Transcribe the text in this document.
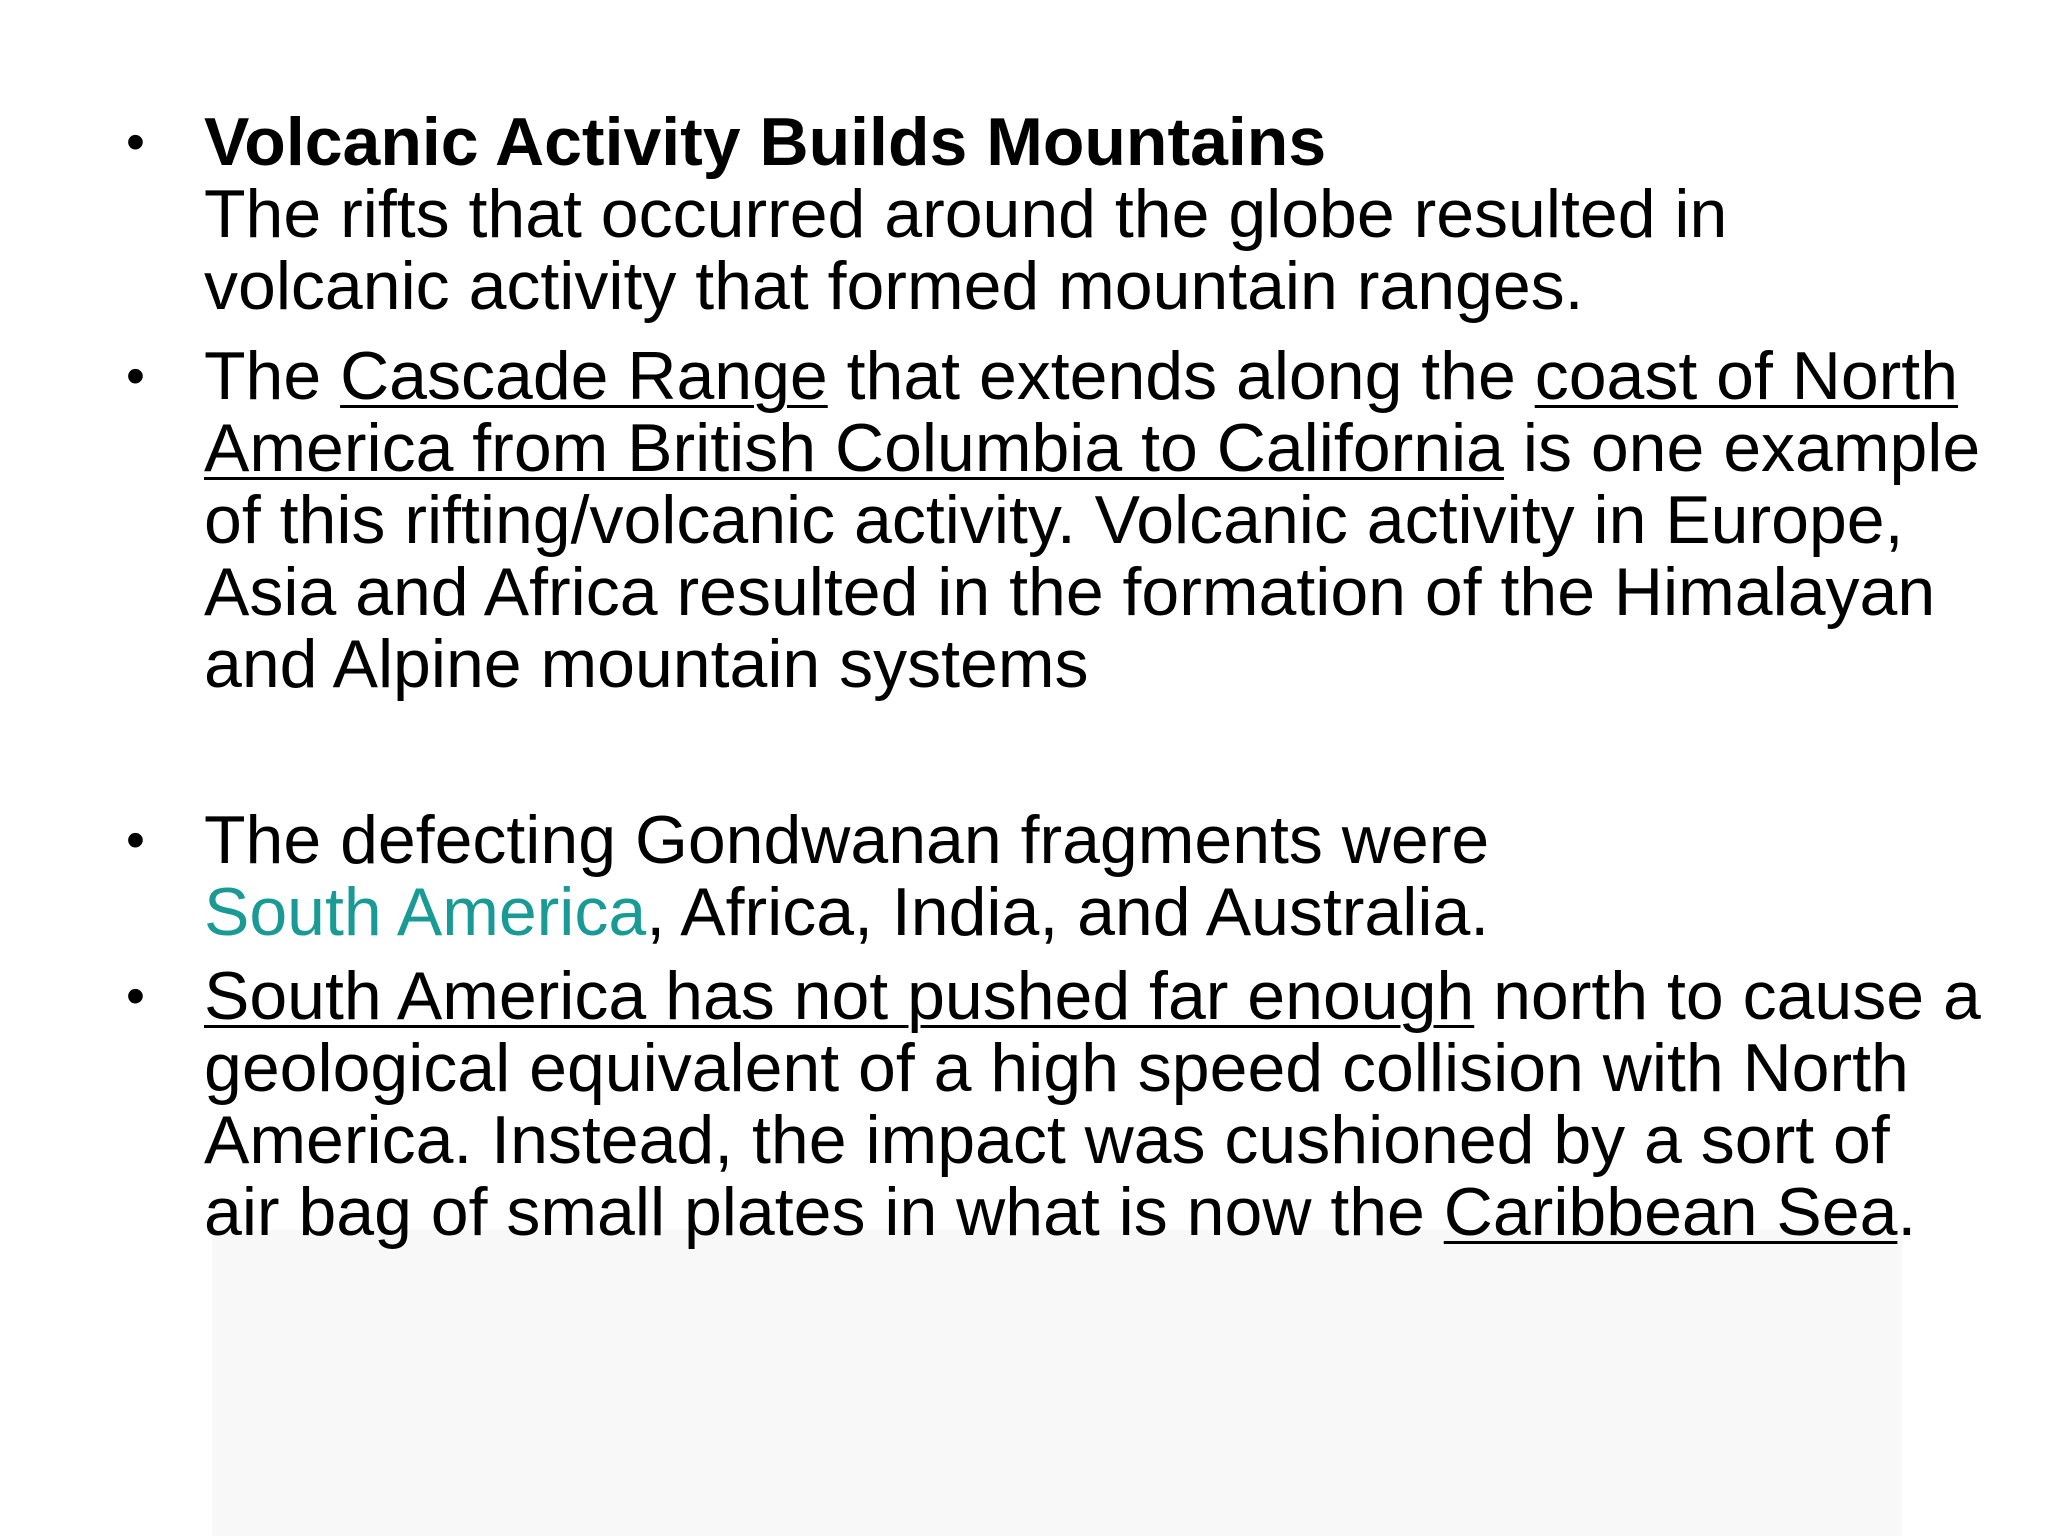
• Volcanic Activity Builds Mountains
The rifts that occurred around the globe resulted in volcanic activity that formed mountain ranges.
• The Cascade Range that extends along the coast of North America from British Columbia to California is one example of this rifting/volcanic activity. Volcanic activity in Europe, Asia and Africa resulted in the formation of the Himalayan and Alpine mountain systems
• The defecting Gondwanan fragments were
South America, Africa, India, and Australia.
• South America has not pushed far enough north to cause a geological equivalent of a high speed collision with North America. Instead, the impact was cushioned by a sort of air bag of small plates in what is now the Caribbean Sea.
